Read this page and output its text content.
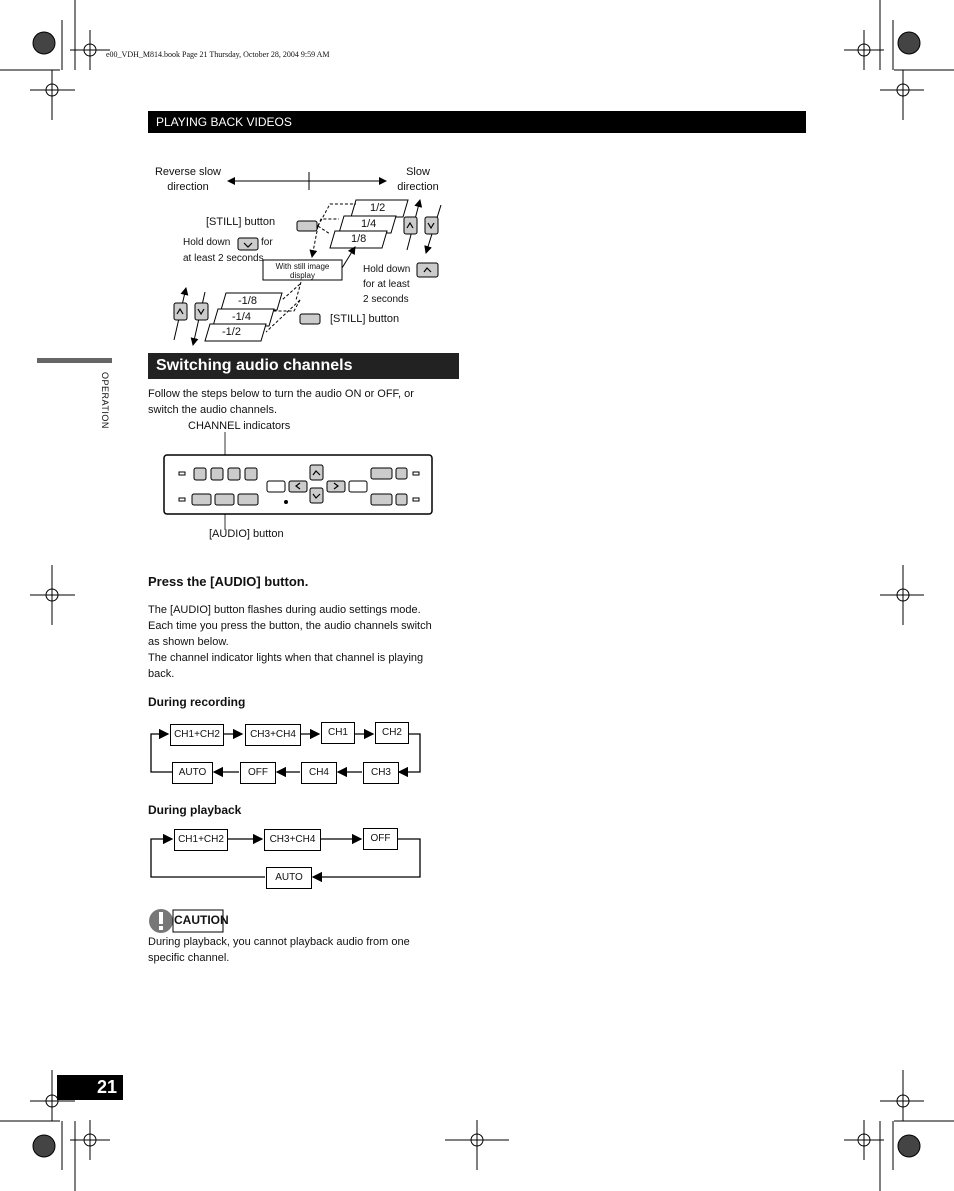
e00_VDH_M814.book Page 21 Thursday, October 28, 2004 9:59 AM
PLAYING BACK VIDEOS
Reverse slow
direction
Slow
direction
1/2
1/4
1/8
-1/8
-1/4
-1/2
[STILL] button
Hold down	for
at least 2 seconds
With still image
display
Hold down
for at least
2 seconds
[STILL] button
OPERATION
Switching audio channels
Follow the steps below to turn the audio ON or OFF, or
switch the audio channels.
CHANNEL indicators
[AUDIO] button
Press the [AUDIO] button.
The [AUDIO] button flashes during audio settings mode.
Each time you press the button, the audio channels switch
as shown below.
The channel indicator lights when that channel is playing
back.
During recording
CH1+CH2	CH3+CH4	CH1	CH2
AUTO	OFF	CH4	CH3
During playback
CH1+CH2	CH3+CH4	OFF
AUTO
CAUTION
During playback, you cannot playback audio from one
specific channel.
21
